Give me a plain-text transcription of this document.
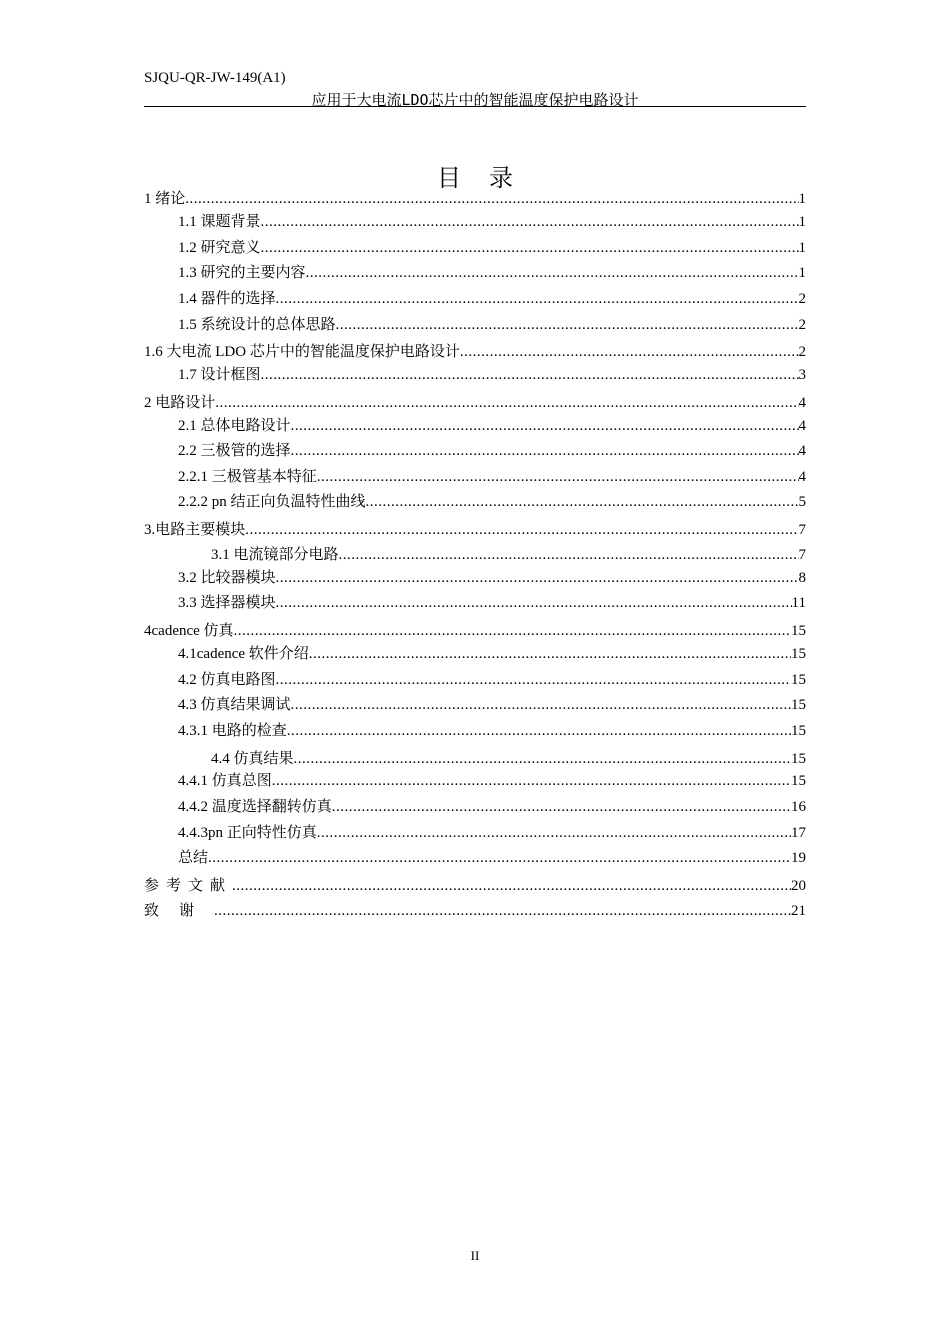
SJQU-QR-JW-149(A1)
应用于大电流LDO芯片中的智能温度保护电路设计
目录
1 绪论 .....	1
1.1 课题背景 .....	1
1.2 研究意义 .....	1
1.3 研究的主要内容 .....	1
1.4 器件的选择 .....	2
1.5 系统设计的总体思路 .....	2
1.6 大电流 LDO 芯片中的智能温度保护电路设计 .....	2
1.7 设计框图 .....	3
2 电路设计 .....	4
2.1 总体电路设计 .....	4
2.2 三极管的选择 .....	4
2.2.1 三极管基本特征 .....	4
2.2.2 pn 结正向负温特性曲线 .....	5
3.电路主要模块 .....	7
3.1 电流镜部分电路 .....	7
3.2 比较器模块 .....	8
3.3 选择器模块 .....	11
4cadence 仿真 .....	15
4.1cadence 软件介绍 .....	15
4.2 仿真电路图 .....	15
4.3 仿真结果调试 .....	15
4.3.1 电路的检查 .....	15
4.4 仿真结果 .....	15
4.4.1 仿真总图 .....	15
4.4.2 温度选择翻转仿真 .....	16
4.4.3pn 正向特性仿真 .....	17
总结 .....	19
参考文献 .....	20
致谢 .....	21
II
